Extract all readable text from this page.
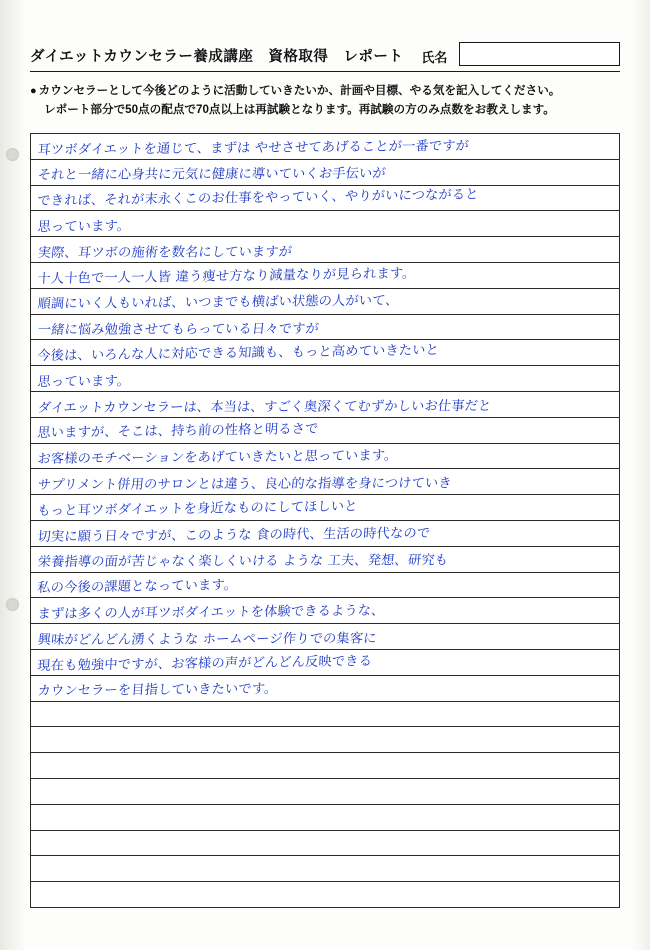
ダイエットカウンセラー養成講座　資格取得　レポート 氏名
● カウンセラーとして今後どのように活動していきたいか、計画や目標、やる気を記入してください。
レポート部分で50点の配点で70点以上は再試験となります。再試験の方のみ点数をお教えします。
耳ツボダイエットを通じて、まずは やせさせてあげることが一番ですが
それと一緒に心身共に元気に健康に導いていくお手伝いが
できれば、それが末永くこのお仕事をやっていく、やりがいにつながると
思っています。
実際、耳ツボの施術を数名にしていますが
十人十色で一人一人皆 違う痩せ方なり減量なりが見られます。
順調にいく人もいれば、いつまでも横ばい状態の人がいて、
一緒に悩み勉強させてもらっている日々ですが
今後は、いろんな人に対応できる知識も、もっと高めていきたいと
思っています。
ダイエットカウンセラーは、本当は、すごく奥深くてむずかしいお仕事だと
思いますが、そこは、持ち前の性格と明るさで
お客様のモチベーションをあげていきたいと思っています。
サプリメント併用のサロンとは違う、良心的な指導を身につけていき
もっと耳ツボダイエットを身近なものにしてほしいと
切実に願う日々ですが、このような 食の時代、生活の時代なので
栄養指導の面が苦じゃなく楽しくいける ような 工夫、発想、研究も
私の今後の課題となっています。
まずは多くの人が耳ツボダイエットを体験できるような、
興味がどんどん湧くような ホームページ作りでの集客に
現在も勉強中ですが、お客様の声がどんどん反映できる
カウンセラーを目指していきたいです。
